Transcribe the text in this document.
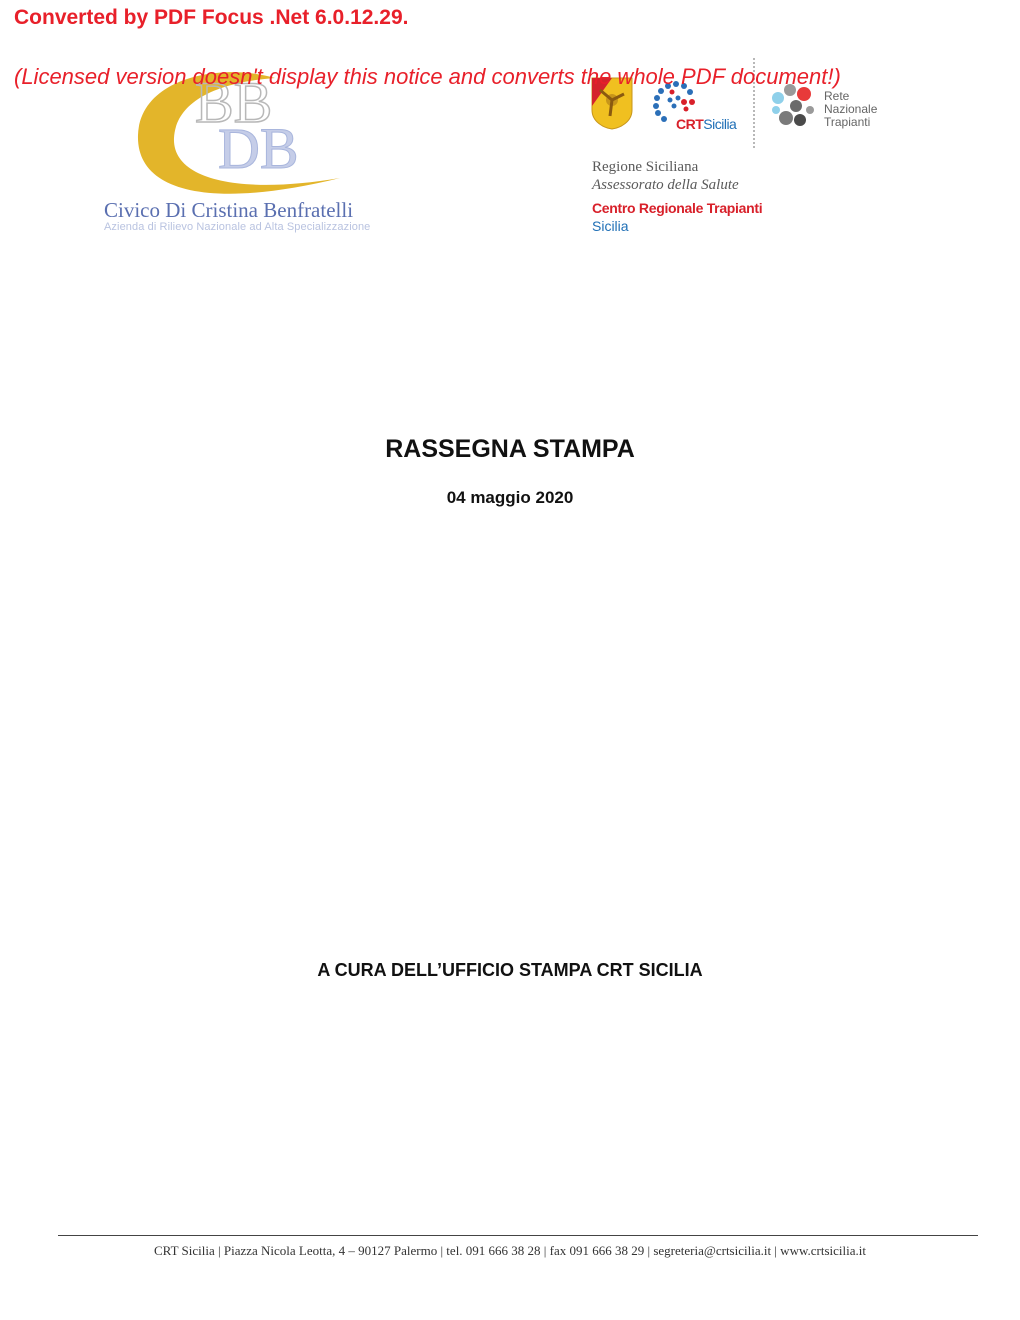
Converted by PDF Focus .Net 6.0.12.29.
(Licensed version doesn't display this notice and converts the whole PDF document!)
BB
DB
Civico Di Cristina Benfratelli
Azienda di Rilievo Nazionale ad Alta Specializzazione
CRTSicilia
Rete
Nazionale
Trapianti
Regione Siciliana
Assessorato della Salute
Centro Regionale Trapianti
Sicilia
RASSEGNA STAMPA
04 maggio 2020
A CURA DELL’UFFICIO STAMPA CRT SICILIA
CRT Sicilia | Piazza Nicola Leotta, 4 – 90127 Palermo | tel. 091 666 38 28 | fax 091 666 38 29 | segreteria@crtsicilia.it | www.crtsicilia.it
